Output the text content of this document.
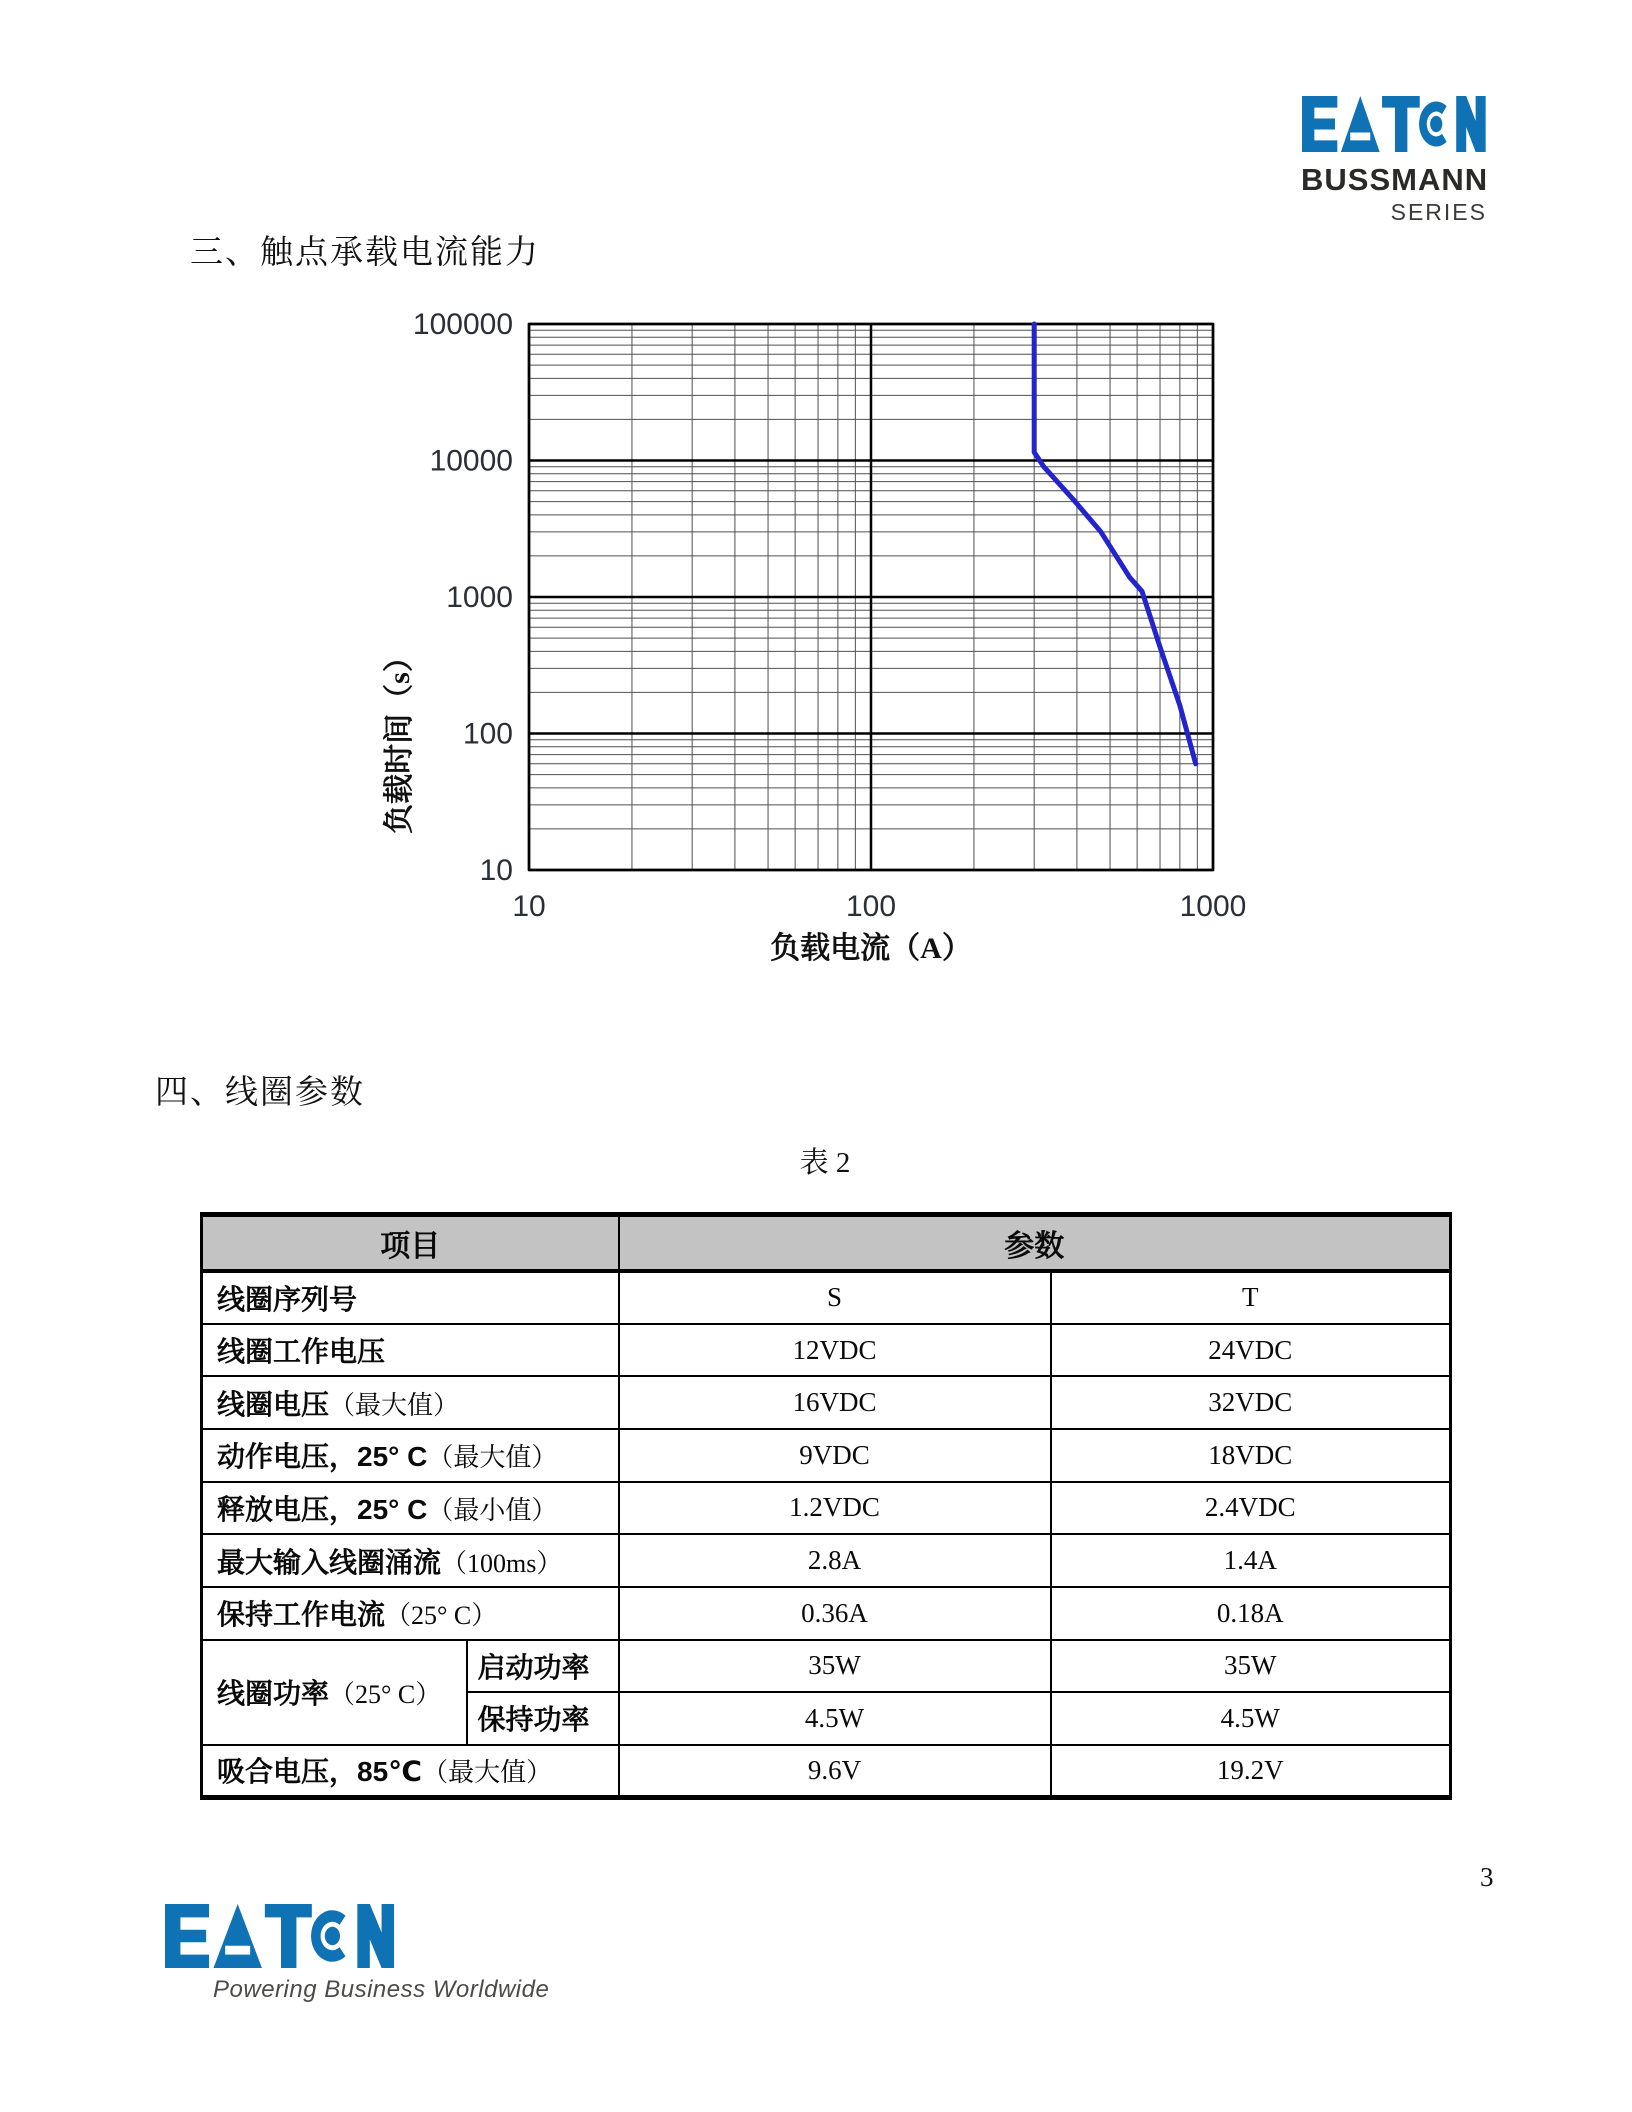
BUSSMANN
SERIES
三、触点承载电流能力
10	100	1000
100000
10000
1000
100
10
负载电流（A）
负载时间（s）
四、线圈参数
表 2
项目		参数	
线圈序列号		S	T
线圈工作电压		12VDC	24VDC
线圈电压（最大值）		16VDC	32VDC
动作电压，25° C（最大值）		9VDC	18VDC
释放电压，25° C（最小值）		1.2VDC	2.4VDC
最大输入线圈涌流（100ms）		2.8A	1.4A
保持工作电流（25° C）		0.36A	0.18A
线圈功率（25° C）	启动功率	35W	35W
	保持功率	4.5W	4.5W
吸合电压，85℃（最大值）		9.6V	19.2V
3
Powering Business Worldwide
